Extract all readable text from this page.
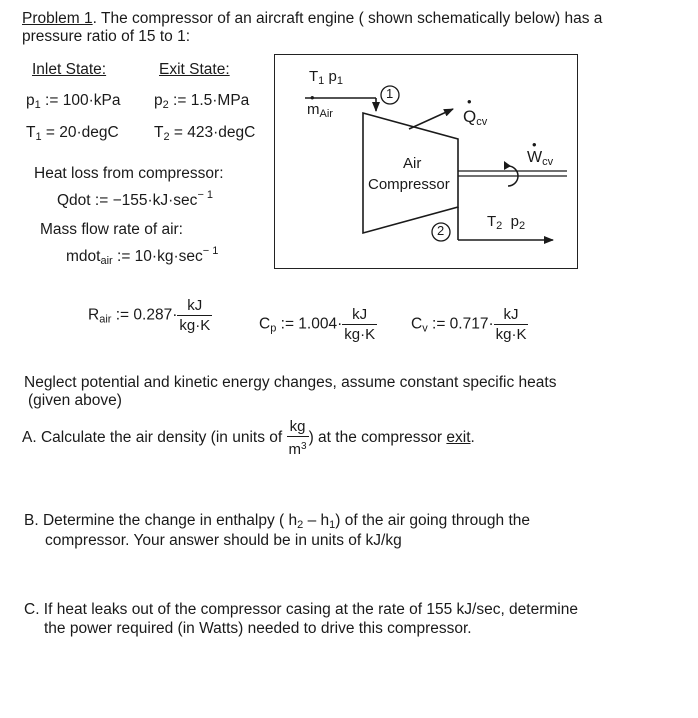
Problem 1. The compressor of an aircraft engine ( shown schematically below) has a
pressure ratio of 15 to 1:
Inlet State:	Exit State:
$p_1$ := 100·kPa $p_2$ := 1.5·MPa
$T_1$ = 20·degC $T_2$ = 423·degC
Heat loss from compressor:
Qdot := $-155\cdot kJ\cdot\sec^{- 1}$
Mass flow rate of air:
mdot$_{air}$ := $10\cdot kg\cdot\sec^{- 1}$
$T_1$ $p_1$
•
$m_{Air}$
1
2
•
$Q_{cv}$
•
$W_{cv}$
Air
Compressor
$T_2$ $p_2$
$R_{air}$ := $0.287\cdot \frac{kJ}{kg\cdot K}$	$C_p$ := $1.004\cdot \frac{kJ}{kg\cdot K} C_v$ := $0.717\cdot \frac{kJ}{kg\cdot K}$
Neglect potential and kinetic energy changes, assume constant specific heats
(given above)
A. Calculate the air density (in units of $\frac{kg}{m^3}$ ) at the compressor exit.
B. Determine the change in enthalpy ( $h_2 - h_1$) of the air going through the
compressor. Your answer should be in units of kJ/kg
C. If heat leaks out of the compressor casing at the rate of 155 kJ/sec, determine
the power required (in Watts) needed to drive this compressor.
